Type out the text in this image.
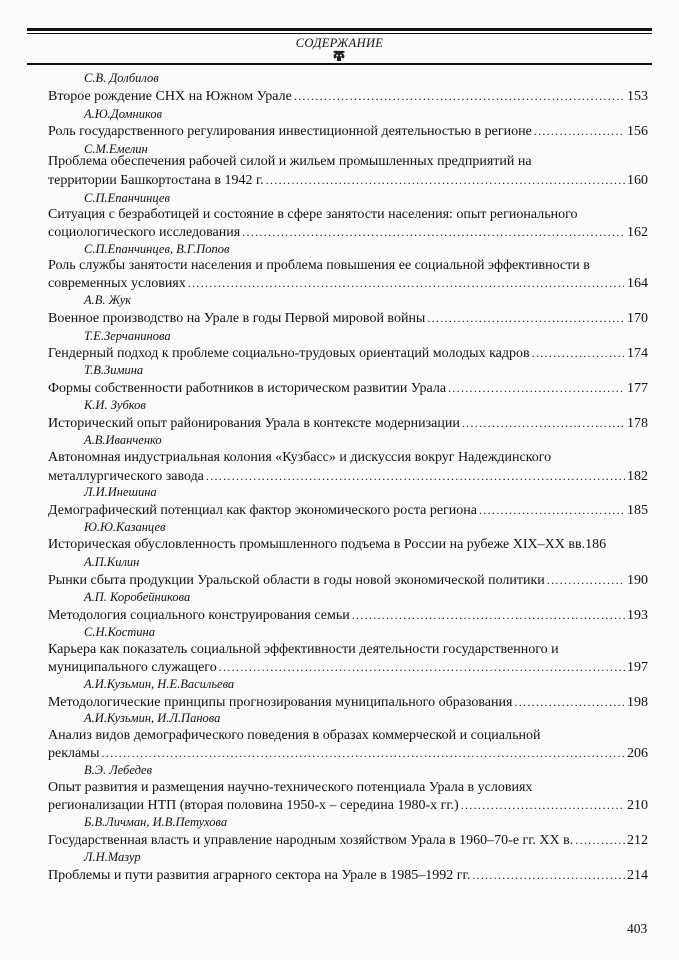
СОДЕРЖАНИЕ
С.В. Долбилов
Второе рождение СНХ на Южном Урале .....	153
А.Ю.Домников
Роль государственного регулирования инвестиционной деятельностью в регионе .....	156
С.М.Емелин
Проблема обеспечения рабочей силой и жильем промышленных предприятий на
территории Башкортостана в 1942 г. .....	160
С.П.Епанчинцев
Ситуация с безработицей и состояние в сфере занятости населения: опыт регионального
социологического исследования .....	162
С.П.Епанчинцев, В.Г.Попов
Роль службы занятости населения и проблема повышения ее социальной эффективности в
современных условиях .....	164
А.В. Жук
Военное производство на Урале в годы Первой мировой войны .....	170
Т.Е.Зерчанинова
Гендерный подход к проблеме социально-трудовых ориентаций молодых кадров .....	174
Т.В.Зимина
Формы собственности работников в историческом развитии Урала .....	177
К.И. Зубков
Исторический опыт районирования Урала в контексте модернизации .....	178
А.В.Иванченко
Автономная индустриальная колония «Кузбасс» и дискуссия вокруг Надеждинского
металлургического завода .....	182
Л.И.Инешина
Демографический потенциал как фактор экономического роста региона .....	185
Ю.Ю.Казанцев
Историческая обусловленность промышленного подъема в России на рубеже XIX–XX вв. 186
А.П.Килин
Рынки сбыта продукции Уральской области в годы новой экономической политики .....	190
А.П. Коробейникова
Методология социального конструирования семьи .....	193
С.Н.Костина
Карьера как показатель социальной эффективности деятельности государственного и
муниципального служащего .....	197
А.И.Кузьмин, Н.Е.Васильева
Методологические принципы прогнозирования муниципального образования .....	198
А.И.Кузьмин, И.Л.Панова
Анализ видов демографического поведения в образах коммерческой и социальной
рекламы .....	206
В.Э. Лебедев
Опыт развития и размещения научно-технического потенциала Урала в условиях
регионализации НТП (вторая половина 1950-х – середина 1980-х гг.) .....	210
Б.В.Личман, И.В.Петухова
Государственная власть и управление народным хозяйством Урала в 1960–70-е гг. XX в. .....	212
Л.Н.Мазур
Проблемы и пути развития аграрного сектора на Урале в 1985–1992 гг. .....	214
403
